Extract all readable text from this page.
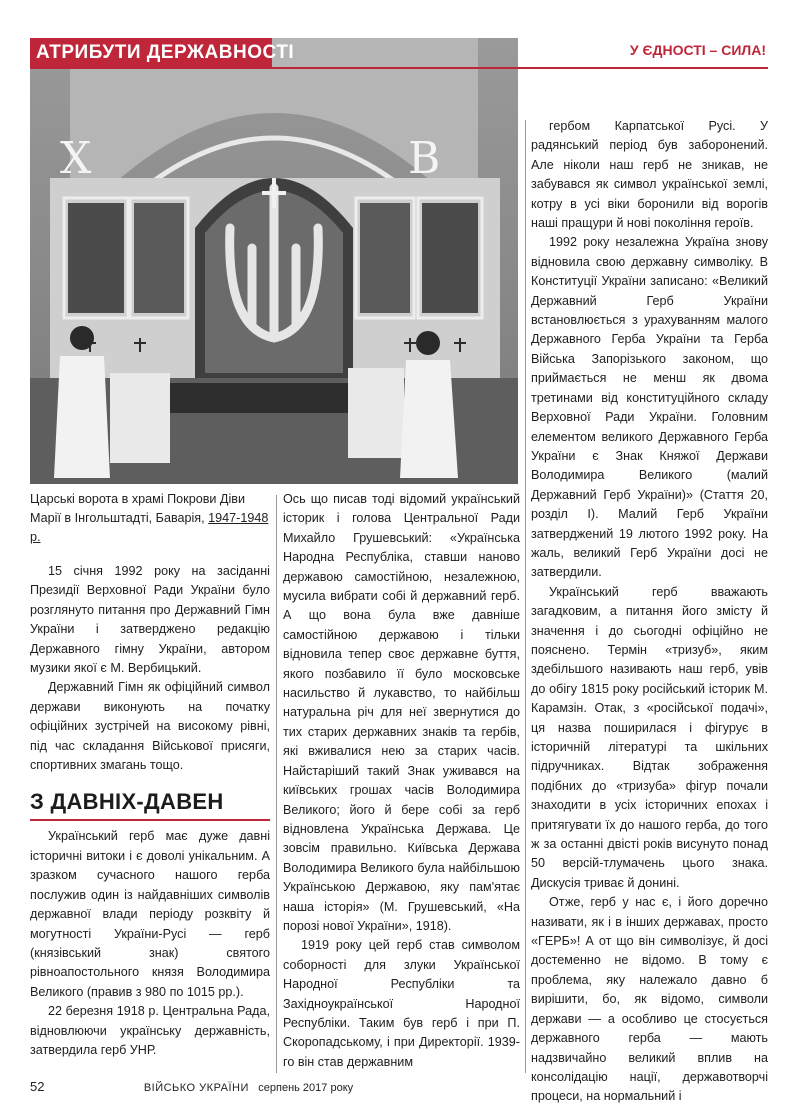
Х	В
АТРИБУТИ ДЕРЖАВНОСТІ	У ЄДНОСТІ – СИЛА!
Царські ворота в храмі Покрови Діви Марії в Інгольштадті, Баварія, 1947-1948 р.

15 січня 1992 року на засіданні Президії Верховної Ради України було розглянуто питання про Державний Гімн України і затверджено редакцію Державного гімну України, автором музики якої є М. Вербицький.

Державний Гімн як офіційний символ держави виконують на початку офіційних зустрічей на високому рівні, під час складання Військової присяги, спортивних змагань тощо.

З ДАВНІХ-ДАВЕН

Український герб має дуже давні історичні витоки і є доволі унікальним. А зразком сучасного нашого герба послужив один із найдавніших символів державної влади періоду розквіту й могутності України-Русі — герб (князівський знак) святого рівноапостольного князя Володимира Великого (правив з 980 по 1015 рр.).

22 березня 1918 р. Центральна Рада, відновлюючи українську державність, затвердила герб УНР.

Ось що писав тоді відомий український історик і голова Центральної Ради Михайло Грушевський: «Українська Народна Республіка, ставши наново державою самостійною, незалежною, мусила вибрати собі й державний герб. А що вона була вже давніше самостійною державою і тільки відновила тепер своє державне буття, якого позбавило її було московське насильство й лукавство, то найбільш натуральна річ для неї звернутися до тих старих державних знаків та гербів, які вживалися нею за старих часів. Найстаріший такий Знак уживався на київських грошах часів Володимира Великого; його й бере собі за герб відновлена Українська Держава. Це зовсім правильно. Київська Держава Володимира Великого була найбільшою Українською Державою, яку пам'ятає наша історія» (М. Грушевський, «На порозі нової України», 1918).

1919 року цей герб став символом соборності для злуки Української Народної Республіки та Західноукраїнської Народної Республіки. Таким був герб і при П. Скоропадському, і при Директорії. 1939-го він став державним

гербом Карпатської Русі. У радянський період був заборонений. Але ніколи наш герб не зникав, не забувався як символ української землі, котру в усі віки боронили від ворогів наші пращури й нові покоління героїв.

1992 року незалежна Україна знову відновила свою державну символіку. В Конституції України записано: «Великий Державний Герб України встановлюється з урахуванням малого Державного Герба України та Герба Війська Запорізького законом, що приймається не менш як двома третинами від конституційного складу Верховної Ради України. Головним елементом великого Державного Герба України є Знак Княжої Держави Володимира Великого (малий Державний Герб України)» (Стаття 20, розділ I). Малий Герб України затверджений 19 лютого 1992 року. На жаль, великий Герб України досі не затвердили.

Український герб вважають загадковим, а питання його змісту й значення і до сьогодні офіційно не пояснено. Термін «тризуб», яким здебільшого називають наш герб, увів до обігу 1815 року російський історик М. Карамзін. Отак, з «російської подачі», ця назва поширилася і фігурує в історичній літературі та шкільних підручниках. Відтак зображення подібних до «тризуба» фігур почали знаходити в усіх історичних епохах і притягувати їх до нашого герба, до того ж за останні двісті років висунуто понад 50 версій-тлумачень цього знака. Дискусія триває й донині.

Отже, герб у нас є, і його доречно називати, як і в інших державах, просто «ГЕРБ»! А от що він символізує, й досі достеменно не відомо. В тому є проблема, яку належало давно б вирішити, бо, як відомо, символи держави — а особливо це стосується державного герба — мають надзвичайно великий вплив на консолідацію нації, державотворчі процеси, на нормальний і

52	ВІЙСЬКО УКРАЇНИ серпень 2017 року
